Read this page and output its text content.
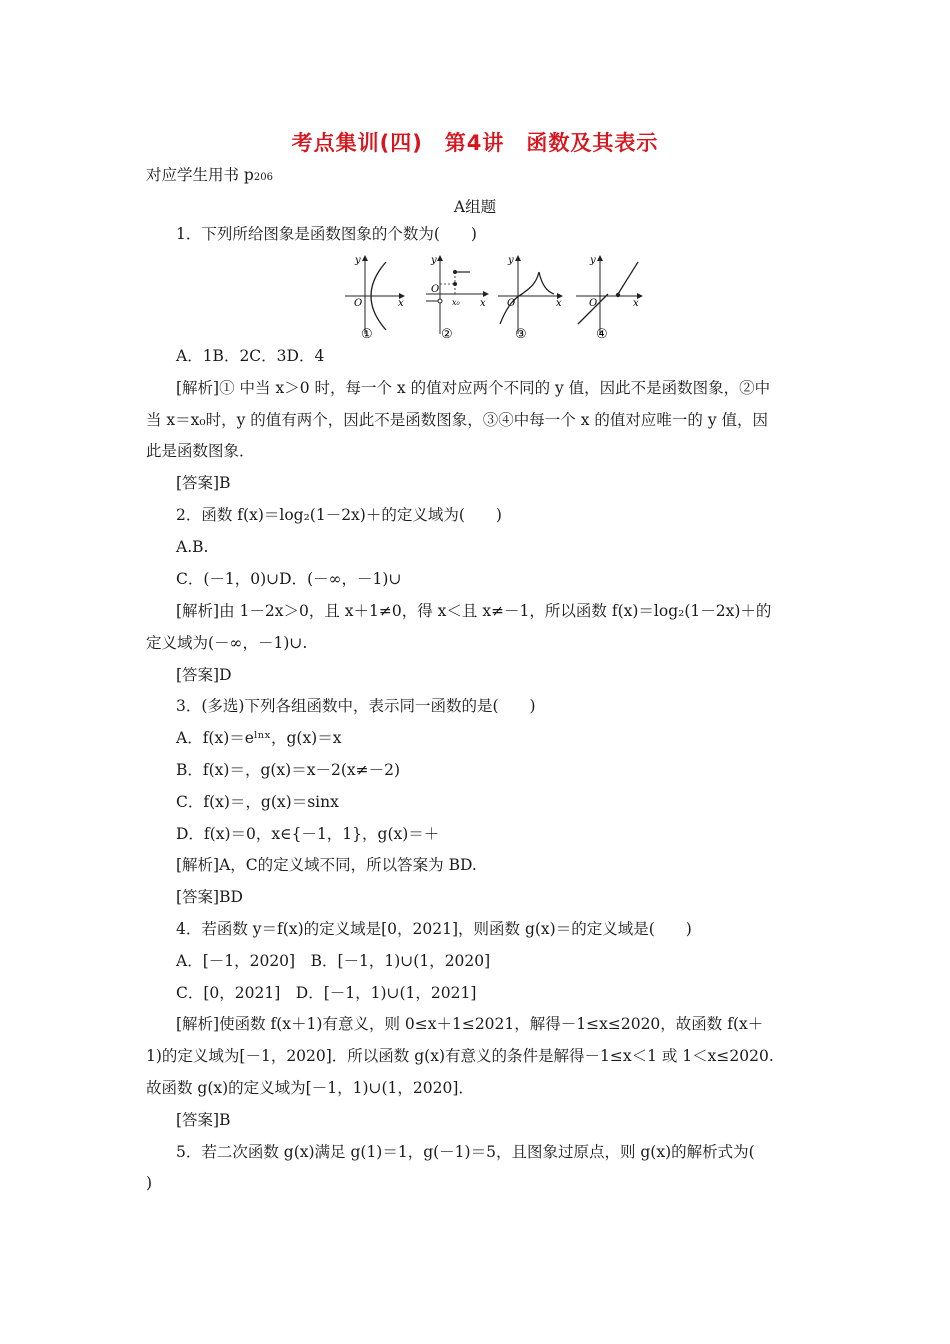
考点集训(四)　第4讲　函数及其表示
对应学生用书 p206
A组题
1．下列所给图象是函数图象的个数为(　　)
y
O	x
①
y
O
x
x₀
②
y
O	x
③
y
O	x
④
A．1B．2C．3D．4
[解析]① 中当 x＞0 时，每一个 x 的值对应两个不同的 y 值，因此不是函数图象，②中
当 x＝x₀时，y 的值有两个，因此不是函数图象，③④中每一个 x 的值对应唯一的 y 值，因
此是函数图象．
[答案]B
2．函数 f(x)＝log₂(1－2x)＋的定义域为(　　)
A.B.
C．(－1，0)∪D．(－∞，－1)∪
[解析]由 1－2x＞0，且 x＋1≠0，得 x＜且 x≠－1，所以函数 f(x)＝log₂(1－2x)＋的
定义域为(－∞，－1)∪.
[答案]D
3．(多选)下列各组函数中，表示同一函数的是(　　)
A．f(x)＝eˡⁿˣ，g(x)＝x
B．f(x)＝，g(x)＝x－2(x≠－2)
C．f(x)＝，g(x)＝sinx
D．f(x)＝0，x∈{－1，1}，g(x)＝＋
[解析]A，C的定义域不同，所以答案为 BD.
[答案]BD
4．若函数 y＝f(x)的定义域是[0，2021]，则函数 g(x)＝的定义域是(　　)
A．[－1，2020]　B．[－1，1)∪(1，2020]
C．[0，2021]　D．[－1，1)∪(1，2021]
[解析]使函数 f(x＋1)有意义，则 0≤x＋1≤2021，解得－1≤x≤2020，故函数 f(x＋
1)的定义域为[－1，2020]．所以函数 g(x)有意义的条件是解得－1≤x＜1 或 1＜x≤2020.
故函数 g(x)的定义域为[－1，1)∪(1，2020]．
[答案]B
5．若二次函数 g(x)满足 g(1)＝1，g(－1)＝5，且图象过原点，则 g(x)的解析式为(
)
